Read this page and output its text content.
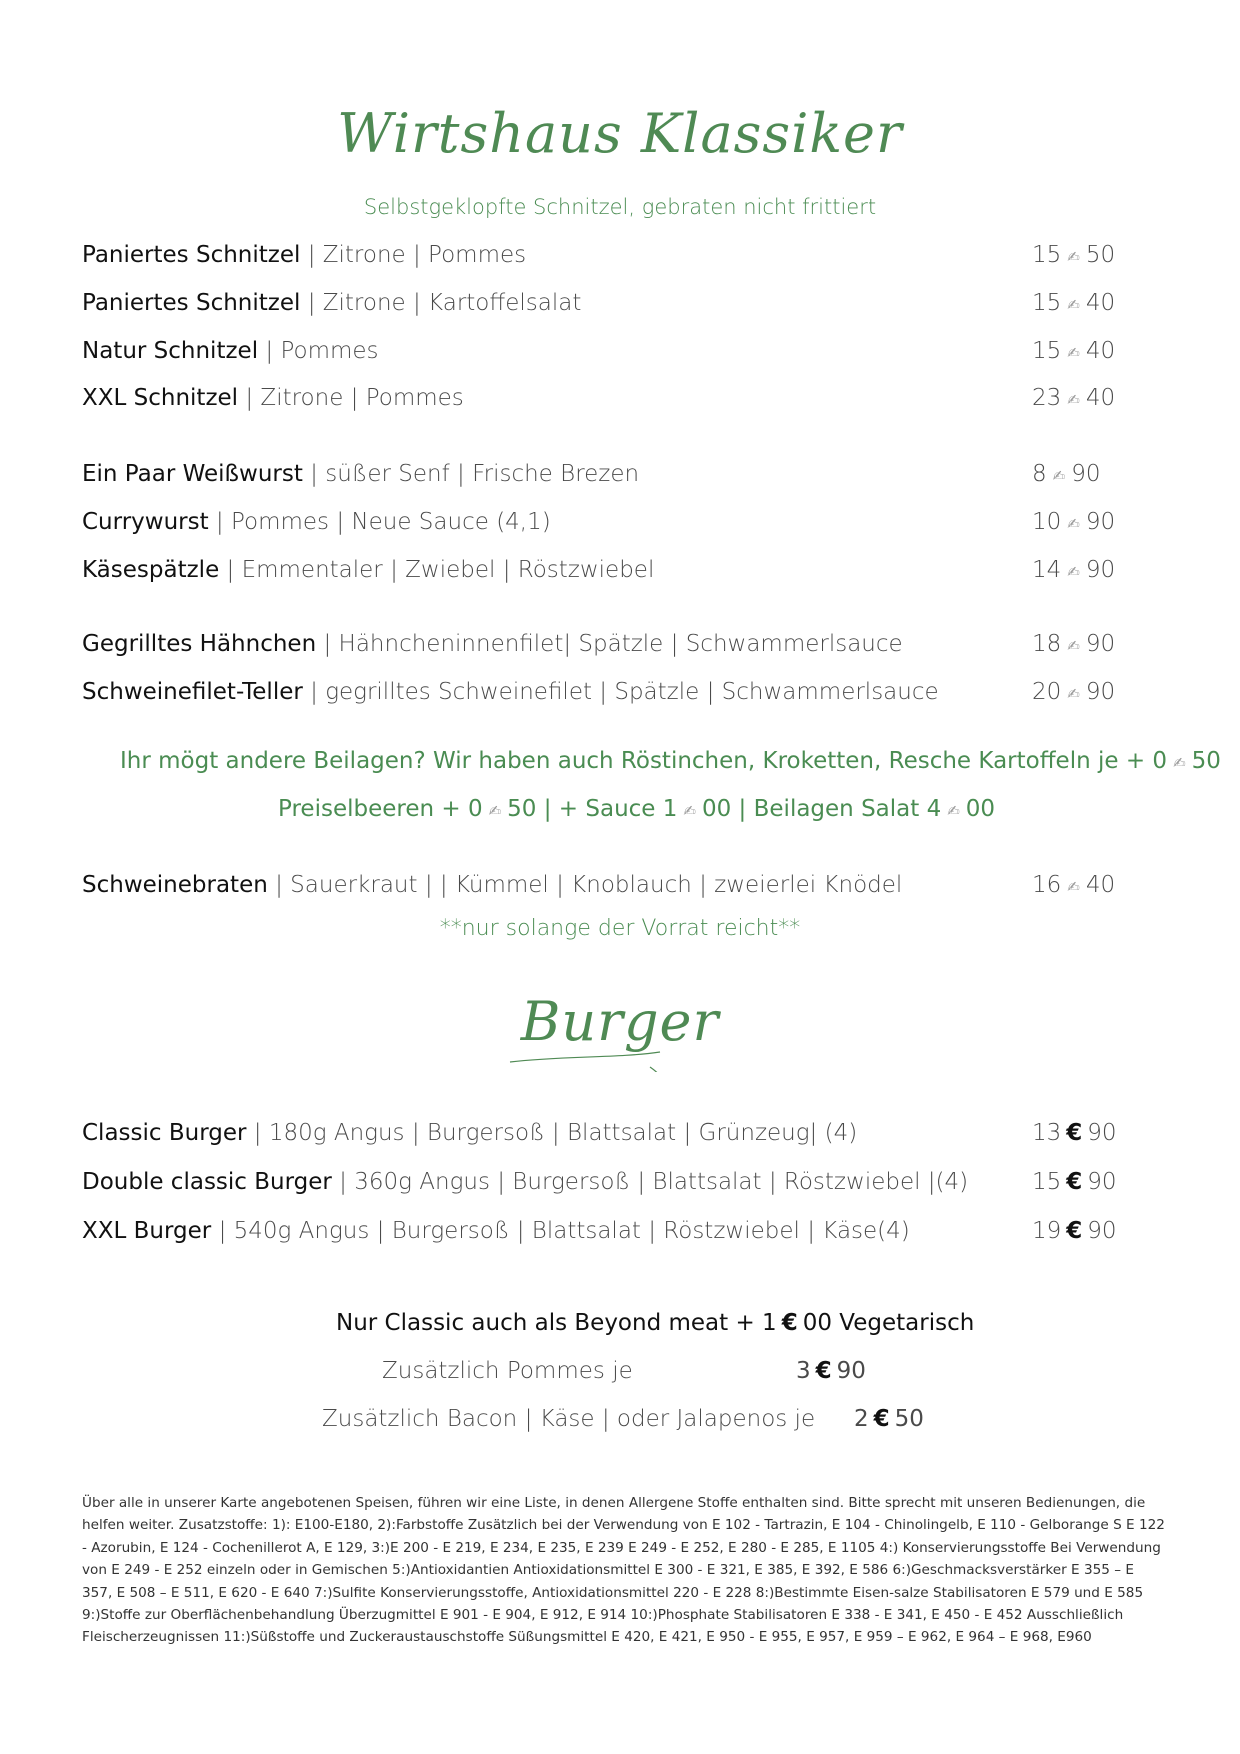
Wirtshaus Klassiker
Selbstgeklopfte Schnitzel, gebraten nicht frittiert
Paniertes Schnitzel | Zitrone | Pommes	15 ✍ 50
Paniertes Schnitzel | Zitrone | Kartoffelsalat	15 ✍ 40
Natur Schnitzel | Pommes	15 ✍ 40
XXL Schnitzel | Zitrone | Pommes	23 ✍ 40
Ein Paar Weißwurst | süßer Senf | Frische Brezen	8 ✍ 90
Currywurst | Pommes | Neue Sauce (4,1)	10 ✍ 90
Käsespätzle | Emmentaler | Zwiebel | Röstzwiebel	14 ✍ 90
Gegrilltes Hähnchen | Hähncheninnenfilet| Spätzle | Schwammerlsauce	18 ✍ 90
Schweinefilet-Teller | gegrilltes Schweinefilet | Spätzle | Schwammerlsauce	20 ✍ 90
Ihr mögt andere Beilagen? Wir haben auch Röstinchen, Kroketten, Resche Kartoffeln je + 0 ✍ 50
Preiselbeeren + 0 ✍ 50 | + Sauce 1 ✍ 00 | Beilagen Salat 4 ✍ 00
Schweinebraten | Sauerkraut | | Kümmel | Knoblauch | zweierlei Knödel	16 ✍ 40
**nur solange der Vorrat reicht**
Burger
Classic Burger | 180g Angus | Burgersoß | Blattsalat | Grünzeug| (4)	13 € 90
Double classic Burger | 360g Angus | Burgersoß | Blattsalat | Röstzwiebel |(4)	15 € 90
XXL Burger | 540g Angus | Burgersoß | Blattsalat | Röstzwiebel | Käse(4)	19 € 90
Nur Classic auch als Beyond meat + 1 € 00 Vegetarisch
Zusätzlich Pommes je	3 € 90
Zusätzlich Bacon | Käse | oder Jalapenos je 2 € 50
Über alle in unserer Karte angebotenen Speisen, führen wir eine Liste, in denen Allergene Stoffe enthalten sind. Bitte sprecht mit unseren Bedienungen, die helfen weiter. Zusatzstoffe: 1): E100-E180, 2):Farbstoffe Zusätzlich bei der Verwendung von E 102 - Tartrazin, E 104 - Chinolingelb, E 110 - Gelborange S E 122 - Azorubin, E 124 - Cochenillerot A, E 129, 3:)E 200 - E 219, E 234, E 235, E 239 E 249 - E 252, E 280 - E 285, E 1105 4:) Konservierungsstoffe Bei Verwendung von E 249 - E 252 einzeln oder in Gemischen 5:)Antioxidantien Antioxidationsmittel E 300 - E 321, E 385, E 392, E 586 6:)Geschmacksverstärker E 355 – E 357, E 508 – E 511, E 620 - E 640 7:)Sulfite Konservierungsstoffe, Antioxidationsmittel 220 - E 228 8:)Bestimmte Eisen-salze Stabilisatoren E 579 und E 585 9:)Stoffe zur Oberflächenbehandlung Überzugmittel E 901 - E 904, E 912, E 914 10:)Phosphate Stabilisatoren E 338 - E 341, E 450 - E 452 Ausschließlich Fleischerzeugnissen 11:)Süßstoffe und Zuckeraustauschstoffe Süßungsmittel E 420, E 421, E 950 - E 955, E 957, E 959 – E 962, E 964 – E 968, E960
